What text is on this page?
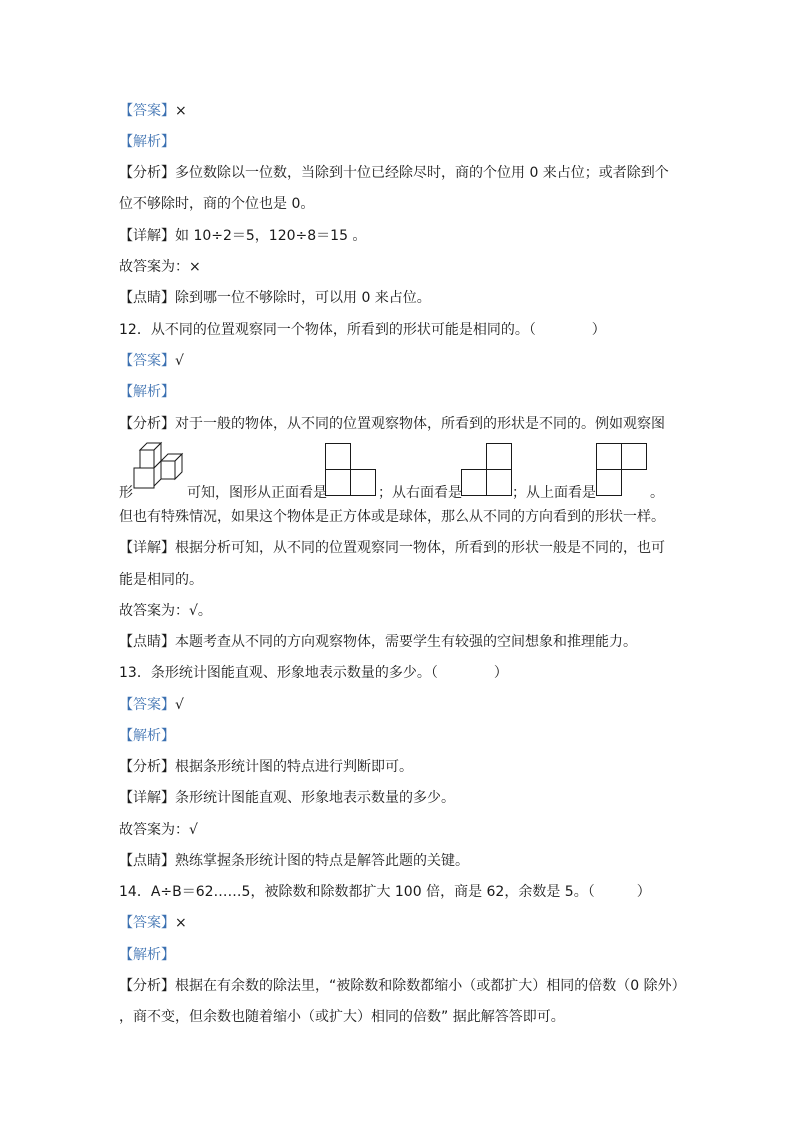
【答案】×
【解析】
【分析】多位数除以一位数，当除到十位已经除尽时，商的个位用 0 来占位；或者除到个
位不够除时，商的个位也是 0。
【详解】如 10÷2＝5，120÷8＝15 。
故答案为：×
【点睛】除到哪一位不够除时，可以用 0 来占位。
12．从不同的位置观察同一个物体，所看到的形状可能是相同的。（　　　　）
【答案】√
【解析】
【分析】对于一般的物体，从不同的位置观察物体，所看到的形状是不同的。例如观察图
形	可知，图形从正面看是	；从右面看是	；从上面看是	。
但也有特殊情况，如果这个物体是正方体或是球体，那么从不同的方向看到的形状一样。
【详解】根据分析可知，从不同的位置观察同一物体，所看到的形状一般是不同的，也可
能是相同的。
故答案为：√。
【点睛】本题考查从不同的方向观察物体，需要学生有较强的空间想象和推理能力。
13．条形统计图能直观、形象地表示数量的多少。（　　　　）
【答案】√
【解析】
【分析】根据条形统计图的特点进行判断即可。
【详解】条形统计图能直观、形象地表示数量的多少。
故答案为：√
【点睛】熟练掌握条形统计图的特点是解答此题的关键。
14．A÷B＝62……5，被除数和除数都扩大 100 倍，商是 62，余数是 5。（　　　）
【答案】×
【解析】
【分析】根据在有余数的除法里，“被除数和除数都缩小（或都扩大）相同的倍数（0 除外）
，商不变，但余数也随着缩小（或扩大）相同的倍数” 据此解答答即可。
